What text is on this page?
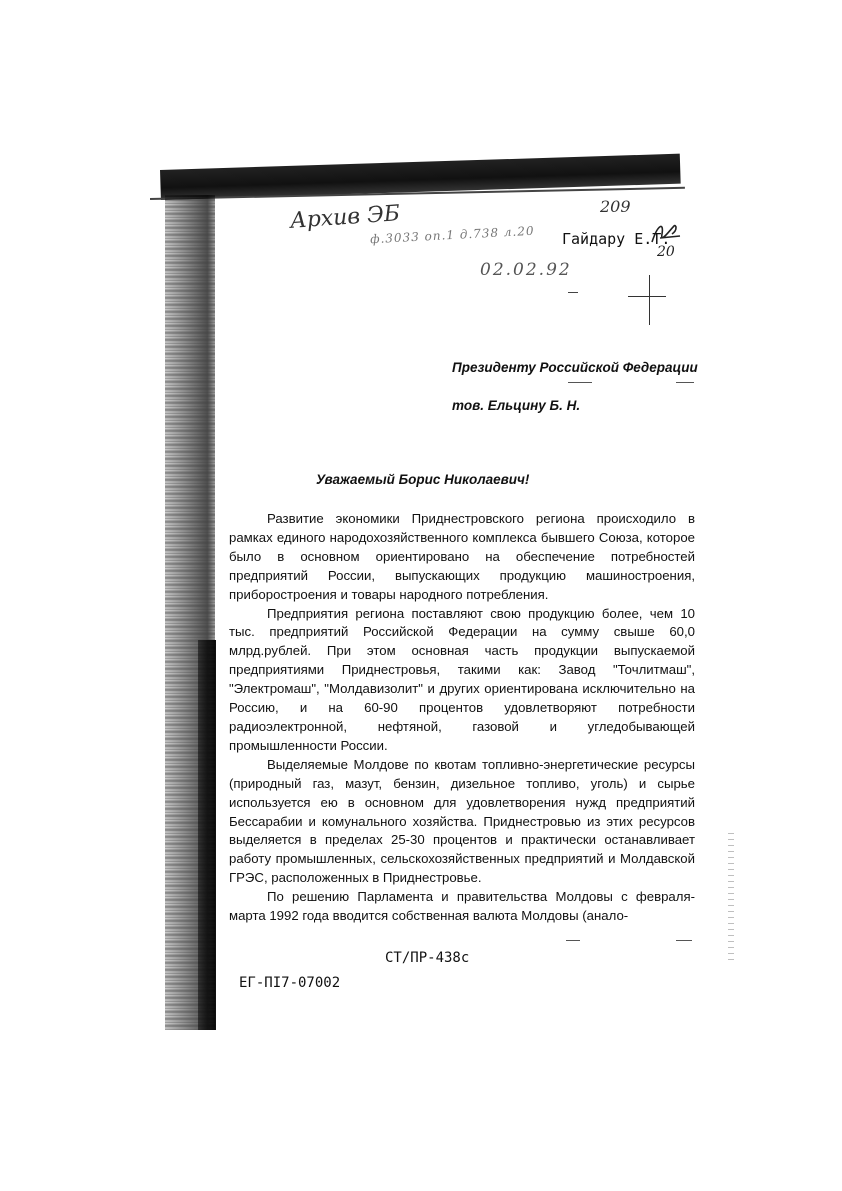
Архив ЭБ
ф.3033 оп.1 д.738 л.20
209
02.02.92
20
Гайдару Е.Т.
Президенту Российской Федерации
тов. Ельцину Б. Н.
Уважаемый Борис Николаевич!

Развитие экономики Приднестровского региона происходило в рамках единого народохозяйственного комплекса бывшего Союза, которое было в основном ориентировано на обеспечение потребностей предприятий России, выпускающих продукцию машиностроения, приборостроения и товары народного потребления.

Предприятия региона поставляют свою продукцию более, чем 10 тыс. предприятий Российской Федерации на сумму свыше 60,0 млрд.рублей. При этом основная часть продукции выпускаемой предприятиями Приднестровья, такими как: Завод "Точлитмаш", "Электромаш", "Молдавизолит" и других ориентирована исключительно на Россию, и на 60-90 процентов удовлетворяют потребности радиоэлектронной, нефтяной, газовой и угледобывающей промышленности России.

Выделяемые Молдове по квотам топливно-энергетические ресурсы (природный газ, мазут, бензин, дизельное топливо, уголь) и сырье используется ею в основном для удовлетворения нужд предприятий Бессарабии и комунального хозяйства. Приднестровью из этих ресурсов выделяется в пределах 25-30 процентов и практически останавливает работу промышленных, сельскохозяйственных предприятий и Молдавской ГРЭС, расположенных в Приднестровье.

По решению Парламента и правительства Молдовы с февраля-марта 1992 года вводится собственная валюта Молдовы (анало-

СТ/ПР-438с
ЕГ-ПI7-07002
